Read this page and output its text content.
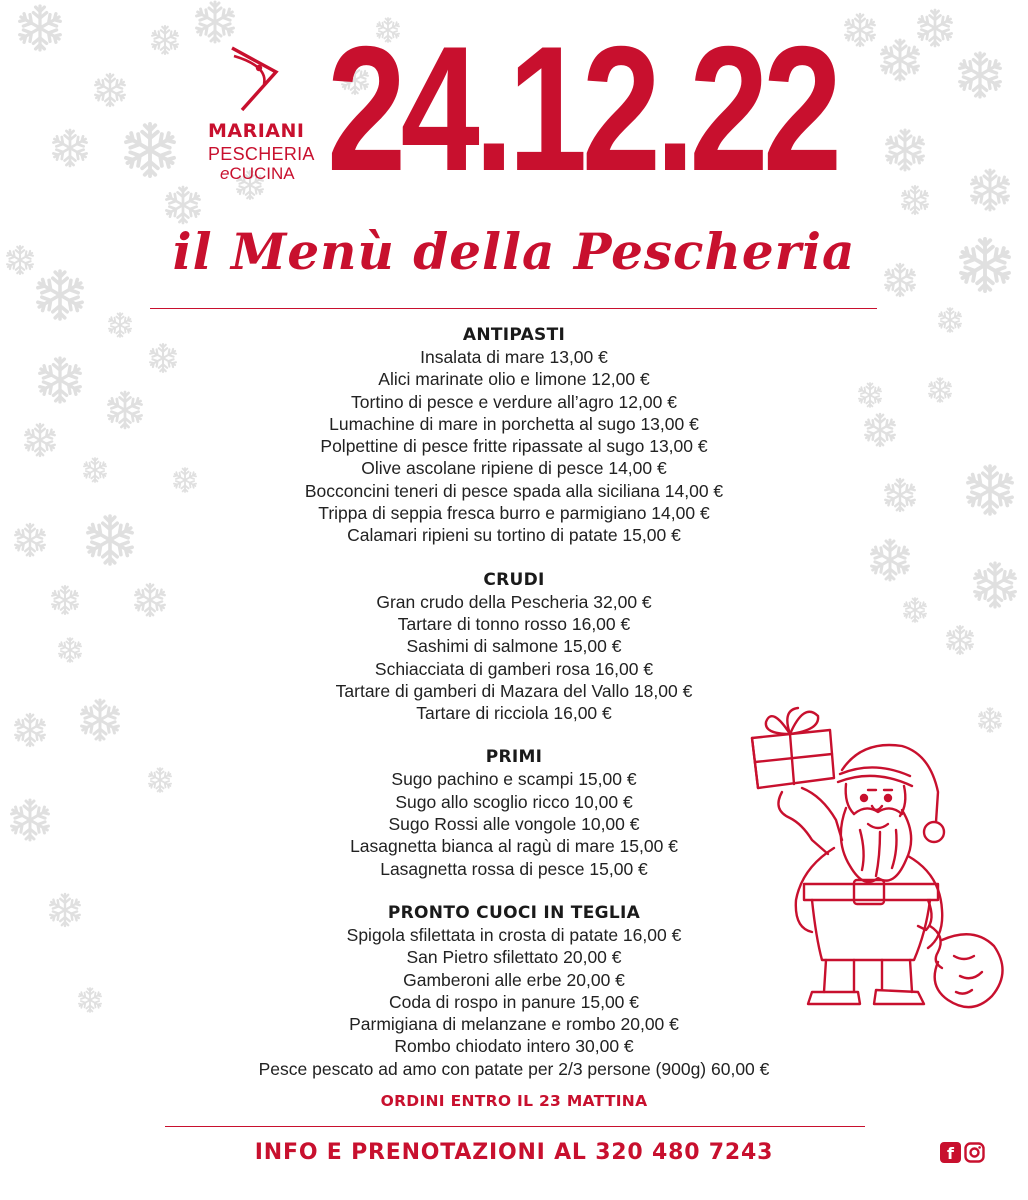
MARIANI
PESCHERIA
eCUCINA 24.12.22
il Menù della Pescheria
ANTIPASTI
Insalata di mare 13,00 €
Alici marinate olio e limone 12,00 €
Tortino di pesce e verdure all’agro 12,00 €
Lumachine di mare in porchetta al sugo 13,00 €
Polpettine di pesce fritte ripassate al sugo 13,00 €
Olive ascolane ripiene di pesce 14,00 €
Bocconcini teneri di pesce spada alla siciliana 14,00 €
Trippa di seppia fresca burro e parmigiano 14,00 €
Calamari ripieni su tortino di patate 15,00 €
CRUDI
Gran crudo della Pescheria 32,00 €
Tartare di tonno rosso 16,00 €
Sashimi di salmone 15,00 €
Schiacciata di gamberi rosa 16,00 €
Tartare di gamberi di Mazara del Vallo 18,00 €
Tartare di ricciola 16,00 €
PRIMI
Sugo pachino e scampi 15,00 €
Sugo allo scoglio ricco 10,00 €
Sugo Rossi alle vongole 10,00 €
Lasagnetta bianca al ragù di mare 15,00 €
Lasagnetta rossa di pesce 15,00 €
PRONTO CUOCI IN TEGLIA
Spigola sfilettata in crosta di patate 16,00 €
San Pietro sfilettato 20,00 €
Gamberoni alle erbe 20,00 €
Coda di rospo in panure 15,00 €
Parmigiana di melanzane e rombo 20,00 €
Rombo chiodato intero 30,00 €
Pesce pescato ad amo con patate per 2/3 persone (900g) 60,00 €
ORDINI ENTRO IL 23 MATTINA
INFO E PRENOTAZIONI AL 320 480 7243	f
